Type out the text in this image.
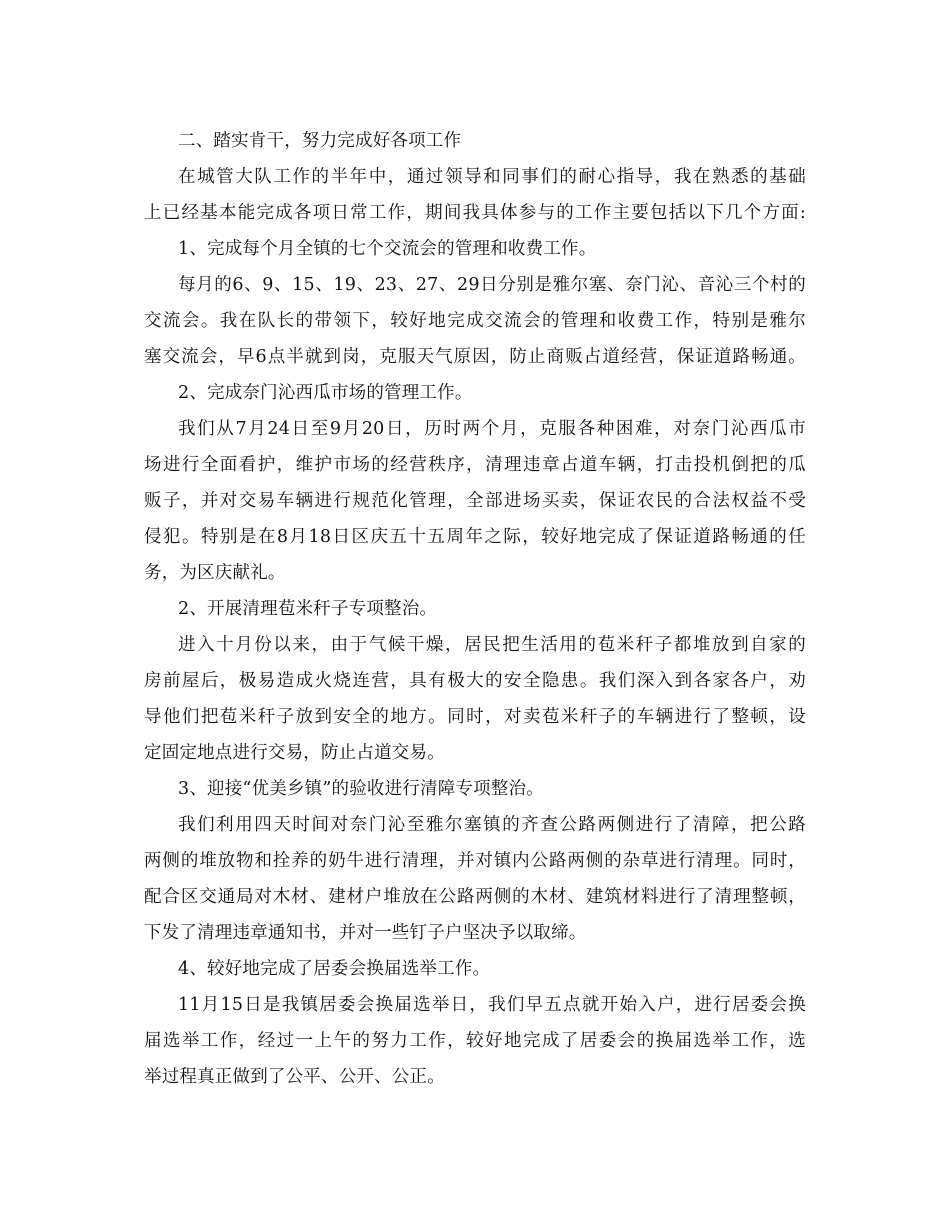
二、踏实肯干，努力完成好各项工作
在城管大队工作的半年中，通过领导和同事们的耐心指导，我在熟悉的基础
上已经基本能完成各项日常工作，期间我具体参与的工作主要包括以下几个方面:
1、完成每个月全镇的七个交流会的管理和收费工作。
每月的6、9、15、19、23、27、29日分别是雅尔塞、奈门沁、音沁三个村的
交流会。我在队长的带领下，较好地完成交流会的管理和收费工作，特别是雅尔
塞交流会，早6点半就到岗，克服天气原因，防止商贩占道经营，保证道路畅通。
2、完成奈门沁西瓜市场的管理工作。
我们从7月24日至9月20日，历时两个月，克服各种困难，对奈门沁西瓜市
场进行全面看护，维护市场的经营秩序，清理违章占道车辆，打击投机倒把的瓜
贩子，并对交易车辆进行规范化管理，全部进场买卖，保证农民的合法权益不受
侵犯。特别是在8月18日区庆五十五周年之际，较好地完成了保证道路畅通的任
务，为区庆献礼。
2、开展清理苞米秆子专项整治。
进入十月份以来，由于气候干燥，居民把生活用的苞米秆子都堆放到自家的
房前屋后，极易造成火烧连营，具有极大的安全隐患。我们深入到各家各户，劝
导他们把苞米秆子放到安全的地方。同时，对卖苞米秆子的车辆进行了整顿，设
定固定地点进行交易，防止占道交易。
3、迎接“优美乡镇”的验收进行清障专项整治。
我们利用四天时间对奈门沁至雅尔塞镇的齐查公路两侧进行了清障，把公路
两侧的堆放物和拴养的奶牛进行清理，并对镇内公路两侧的杂草进行清理。同时，
配合区交通局对木材、建材户堆放在公路两侧的木材、建筑材料进行了清理整顿，
下发了清理违章通知书，并对一些钉子户坚决予以取缔。
4、较好地完成了居委会换届选举工作。
11月15日是我镇居委会换届选举日，我们早五点就开始入户，进行居委会换
届选举工作，经过一上午的努力工作，较好地完成了居委会的换届选举工作，选
举过程真正做到了公平、公开、公正。
